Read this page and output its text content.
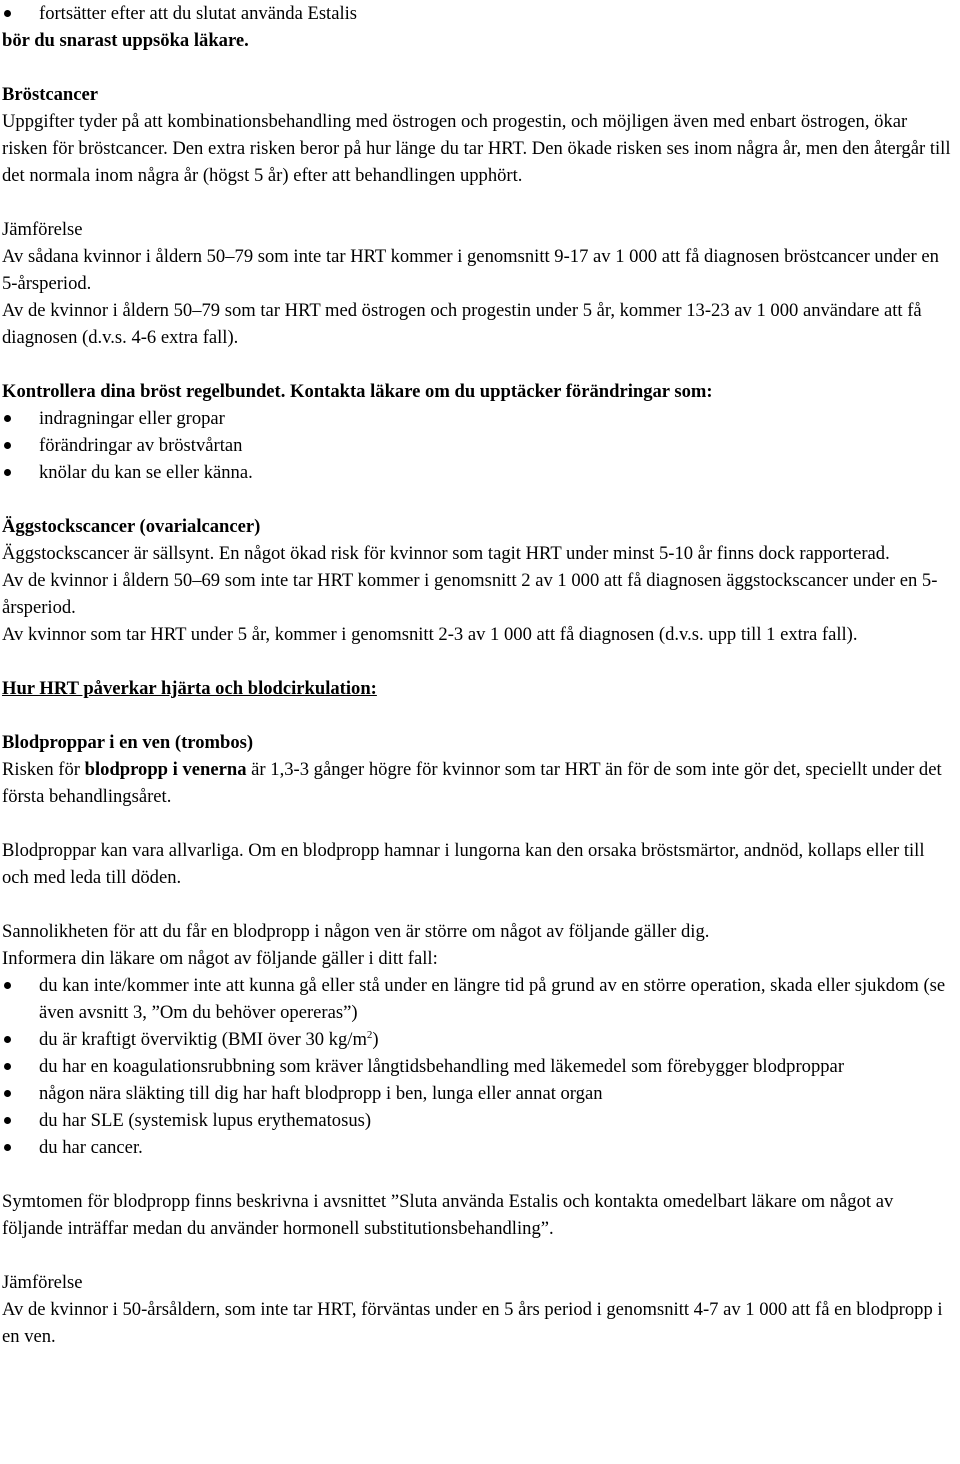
fortsätter efter att du slutat använda Estalis

bör du snarast uppsöka läkare.

Bröstcancer

Uppgifter tyder på att kombinationsbehandling med östrogen och progestin, och möjligen även med enbart östrogen, ökar risken för bröstcancer. Den extra risken beror på hur länge du tar HRT. Den ökade risken ses inom några år, men den återgår till det normala inom några år (högst 5 år) efter att behandlingen upphört.

Jämförelse

Av sådana kvinnor i åldern 50–79 som inte tar HRT kommer i genomsnitt 9-17 av 1 000 att få diagnosen bröstcancer under en 5-årsperiod.

Av de kvinnor i åldern 50–79 som tar HRT med östrogen och progestin under 5 år, kommer 13-23 av 1 000 användare att få diagnosen (d.v.s. 4-6 extra fall).

Kontrollera dina bröst regelbundet. Kontakta läkare om du upptäcker förändringar som:

indragningar eller gropar
förändringar av bröstvårtan
knölar du kan se eller känna.

Äggstockscancer (ovarialcancer)

Äggstockscancer är sällsynt. En något ökad risk för kvinnor som tagit HRT under minst 5-10 år finns dock rapporterad.

Av de kvinnor i åldern 50–69 som inte tar HRT kommer i genomsnitt 2 av 1 000 att få diagnosen äggstockscancer under en 5-årsperiod.

Av kvinnor som tar HRT under 5 år, kommer i genomsnitt 2-3 av 1 000 att få diagnosen (d.v.s. upp till 1 extra fall).

Hur HRT påverkar hjärta och blodcirkulation:

Blodproppar i en ven (trombos)

Risken för blodpropp i venerna är 1,3-3 gånger högre för kvinnor som tar HRT än för de som inte gör det, speciellt under det första behandlingsåret.

Blodproppar kan vara allvarliga. Om en blodpropp hamnar i lungorna kan den orsaka bröstsmärtor, andnöd, kollaps eller till och med leda till döden.

Sannolikheten för att du får en blodpropp i någon ven är större om något av följande gäller dig.

Informera din läkare om något av följande gäller i ditt fall:

du kan inte/kommer inte att kunna gå eller stå under en längre tid på grund av en större operation, skada eller sjukdom (se även avsnitt 3, ”Om du behöver opereras”)
du är kraftigt överviktig (BMI över 30 $kg/m^2$)
du har en koagulationsrubbning som kräver långtidsbehandling med läkemedel som förebygger blodproppar
någon nära släkting till dig har haft blodpropp i ben, lunga eller annat organ
du har SLE (systemisk lupus erythematosus)
du har cancer.

Symtomen för blodpropp finns beskrivna i avsnittet ”Sluta använda Estalis och kontakta omedelbart läkare om något av följande inträffar medan du använder hormonell substitutionsbehandling”.

Jämförelse

Av de kvinnor i 50-årsåldern, som inte tar HRT, förväntas under en 5 års period i genomsnitt 4-7 av 1 000 att få en blodpropp i en ven.
